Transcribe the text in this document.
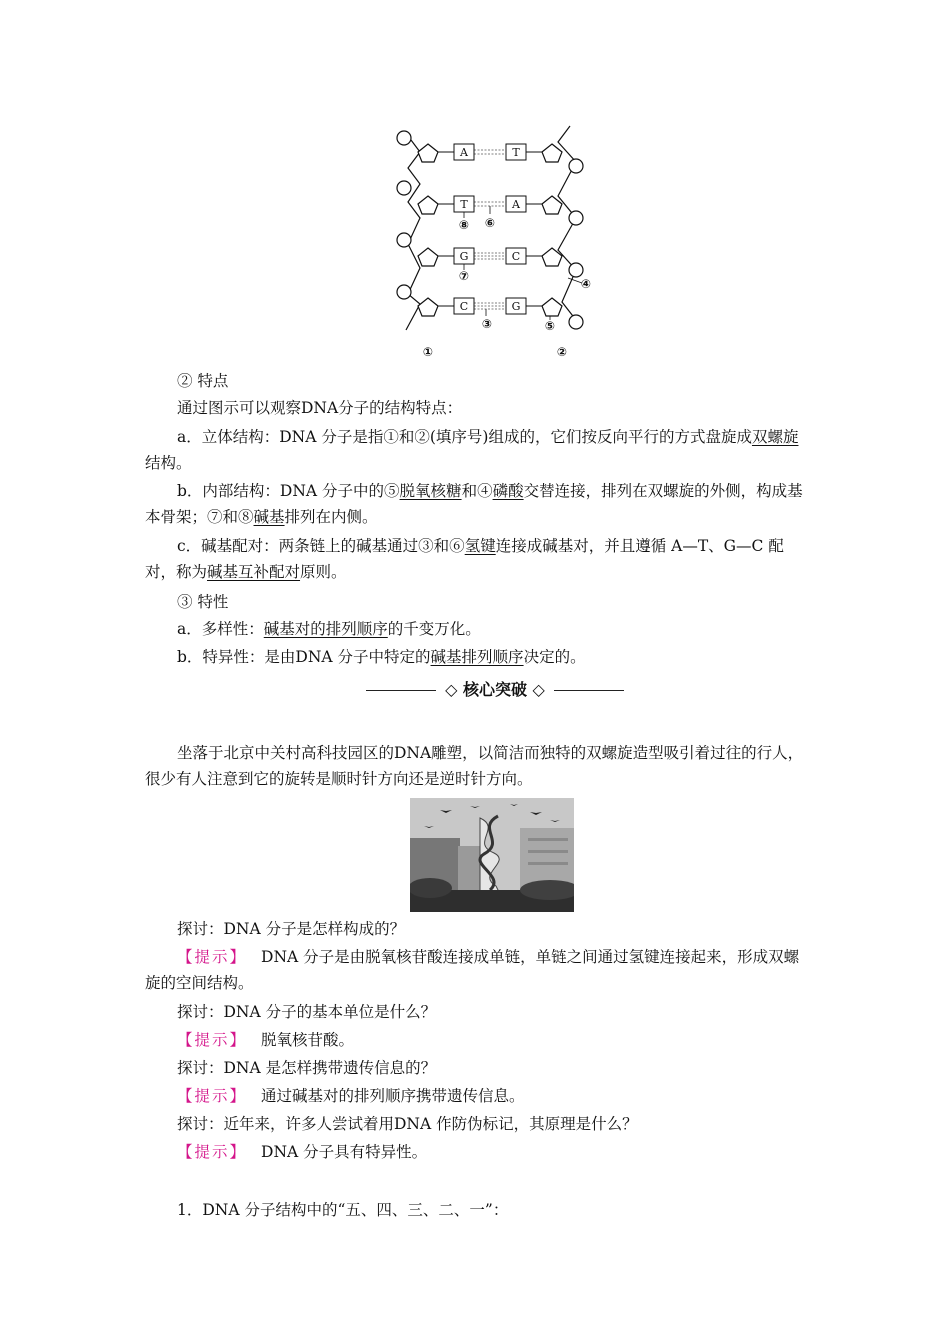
A	T
T	A
G	C
C	G
⑧ ⑥
⑦
④
③	⑤
①	②

② 特点

通过图示可以观察DNA分子的结构特点：

a．立体结构：DNA 分子是指①和②(填序号)组成的，它们按反向平行的方式盘旋成双螺旋结构。

b．内部结构：DNA 分子中的⑤脱氧核糖和④磷酸交替连接，排列在双螺旋的外侧，构成基本骨架；⑦和⑧碱基排列在内侧。

c．碱基配对：两条链上的碱基通过③和⑥氢键连接成碱基对，并且遵循 A—T、G—C 配对，称为碱基互补配对原则。

③ 特性

a．多样性：碱基对的排列顺序的千变万化。

b．特异性：是由DNA 分子中特定的碱基排列顺序决定的。

◇ 核心突破 ◇

坐落于北京中关村高科技园区的DNA雕塑，以简洁而独特的双螺旋造型吸引着过往的行人，很少有人注意到它的旋转是顺时针方向还是逆时针方向。

探讨：DNA 分子是怎样构成的？

【提示】 DNA 分子是由脱氧核苷酸连接成单链，单链之间通过氢键连接起来，形成双螺旋的空间结构。

探讨：DNA 分子的基本单位是什么？

【提示】 脱氧核苷酸。

探讨：DNA 是怎样携带遗传信息的？

【提示】 通过碱基对的排列顺序携带遗传信息。

探讨：近年来，许多人尝试着用DNA 作防伪标记，其原理是什么？

【提示】 DNA 分子具有特异性。

1．DNA 分子结构中的“五、四、三、二、一”：
